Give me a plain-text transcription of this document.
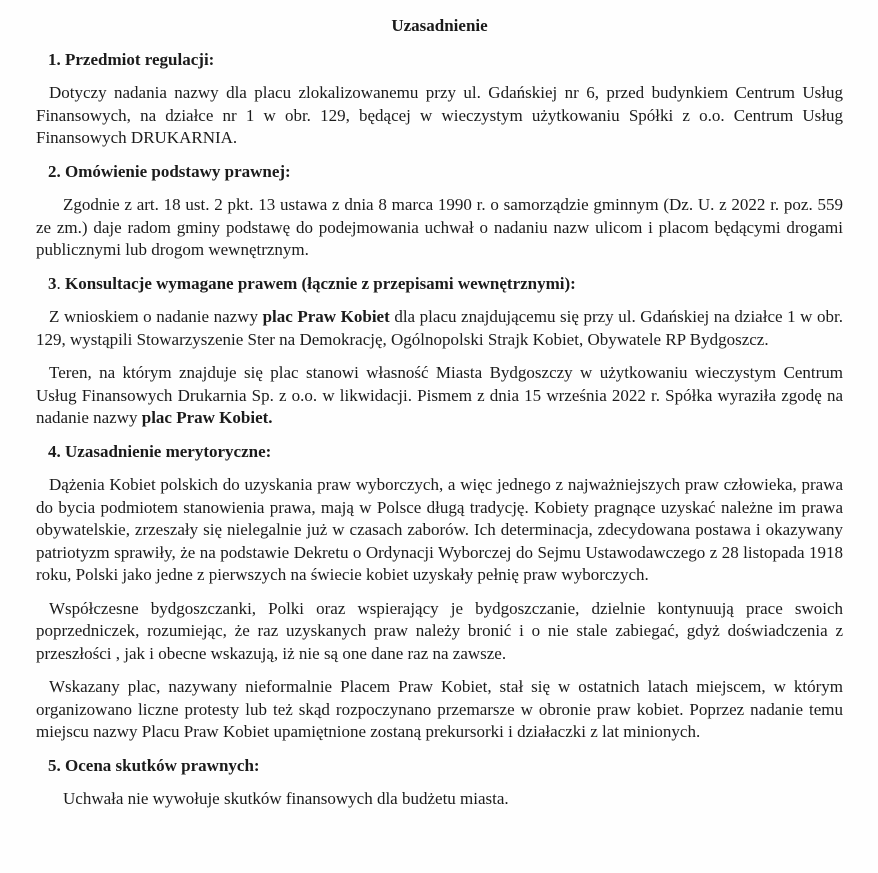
Uzasadnienie
1. Przedmiot regulacji:

Dotyczy nadania nazwy dla placu zlokalizowanemu przy ul. Gdańskiej nr 6, przed budynkiem Centrum Usług Finansowych, na działce nr 1 w obr. 129, będącej w wieczystym użytkowaniu Spółki z o.o. Centrum Usług Finansowych DRUKARNIA.

2. Omówienie podstawy prawnej:

Zgodnie z art. 18 ust. 2 pkt. 13 ustawa z dnia 8 marca 1990 r. o samorządzie gminnym (Dz. U. z 2022 r. poz. 559 ze zm.) daje radom gminy podstawę do podejmowania uchwał o nadaniu nazw ulicom i placom będącymi drogami publicznymi lub drogom wewnętrznym.

3. Konsultacje wymagane prawem (łącznie z przepisami wewnętrznymi):

Z wnioskiem o nadanie nazwy plac Praw Kobiet dla placu znajdującemu się przy ul. Gdańskiej na działce 1 w obr. 129, wystąpili Stowarzyszenie Ster na Demokrację, Ogólnopolski Strajk Kobiet, Obywatele RP Bydgoszcz.

Teren, na którym znajduje się plac stanowi własność Miasta Bydgoszczy w użytkowaniu wieczystym Centrum Usług Finansowych Drukarnia Sp. z o.o. w likwidacji. Pismem z dnia 15 września 2022 r. Spółka wyraziła zgodę na nadanie nazwy plac Praw Kobiet.

4. Uzasadnienie merytoryczne:

Dążenia Kobiet polskich do uzyskania praw wyborczych, a więc jednego z najważniejszych praw człowieka, prawa do bycia podmiotem stanowienia prawa, mają w Polsce długą tradycję. Kobiety pragnące uzyskać należne im prawa obywatelskie, zrzeszały się nielegalnie już w czasach zaborów. Ich determinacja, zdecydowana postawa i okazywany patriotyzm sprawiły, że na podstawie Dekretu o Ordynacji Wyborczej do Sejmu Ustawodawczego z 28 listopada 1918 roku, Polski jako jedne z pierwszych na świecie kobiet uzyskały pełnię praw wyborczych.

Współczesne bydgoszczanki, Polki oraz wspierający je bydgoszczanie, dzielnie kontynuują prace swoich poprzedniczek, rozumiejąc, że raz uzyskanych praw należy bronić i o nie stale zabiegać, gdyż doświadczenia z przeszłości , jak i obecne wskazują, iż nie są one dane raz na zawsze.

Wskazany plac, nazywany nieformalnie Placem Praw Kobiet, stał się w ostatnich latach miejscem, w którym organizowano liczne protesty lub też skąd rozpoczynano przemarsze w obronie praw kobiet. Poprzez nadanie temu miejscu nazwy Placu Praw Kobiet upamiętnione zostaną prekursorki i działaczki z lat minionych.

5. Ocena skutków prawnych:

Uchwała nie wywołuje skutków finansowych dla budżetu miasta.
